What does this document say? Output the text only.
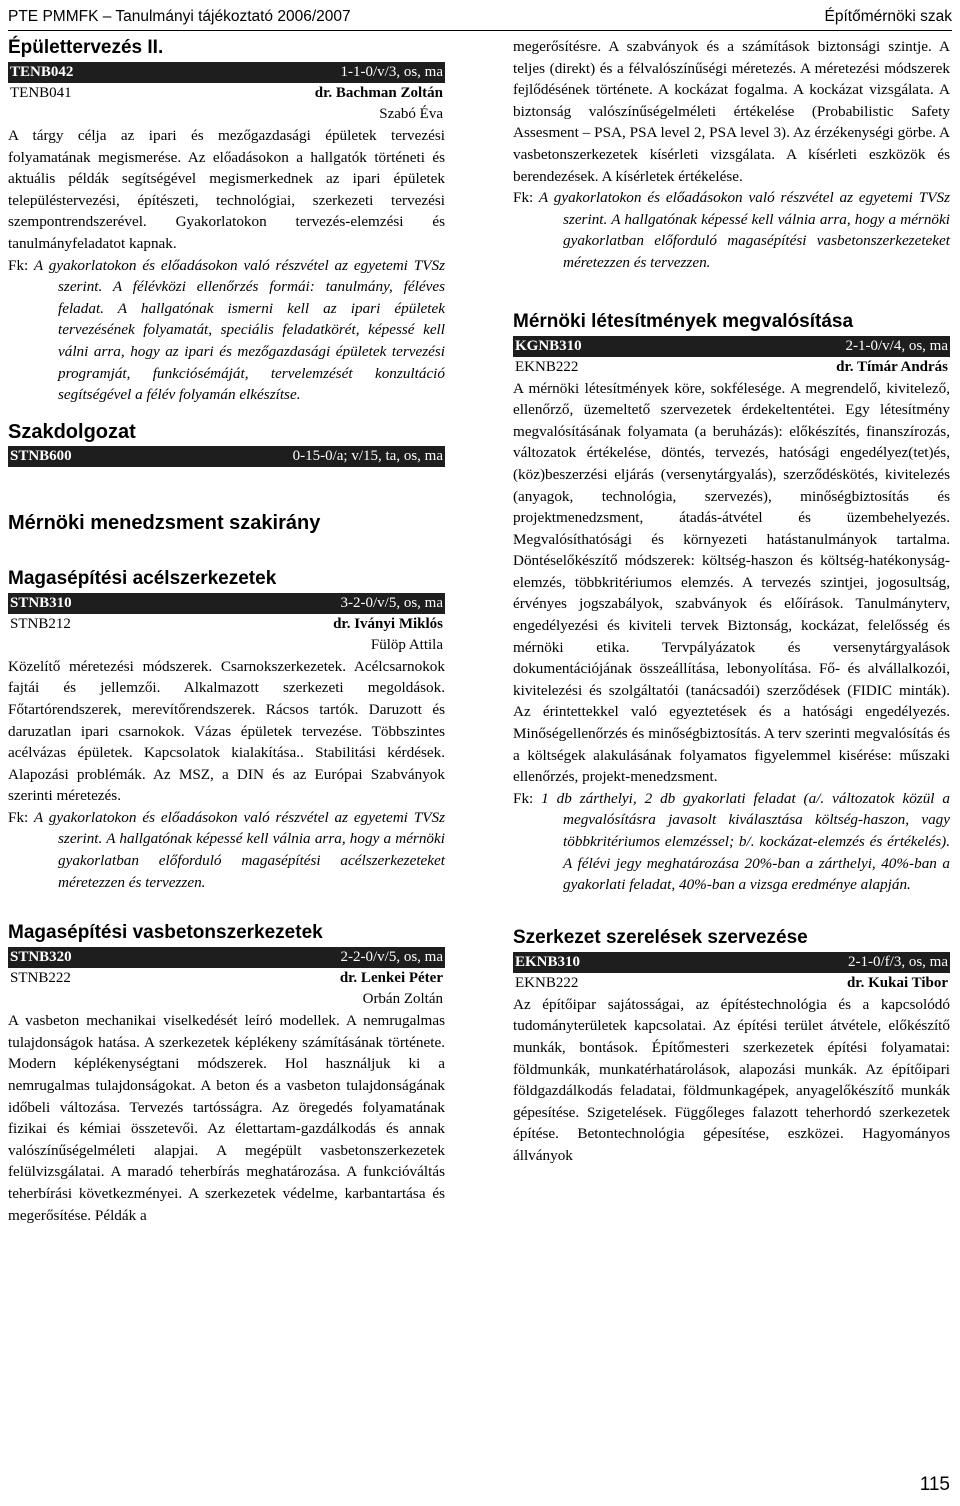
PTE PMMFK – Tanulmányi tájékoztató 2006/2007	Építőmérnöki szak
Épülettervezés II.
TENB042	1-1-0/v/3, os, ma
TENB041	dr. Bachman Zoltán
Szabó Éva

A tárgy célja az ipari és mezőgazdasági épületek tervezési folyamatának megismerése. Az előadásokon a hallgatók történeti és aktuális példák segítségével megismerkednek az ipari épületek településtervezési, építészeti, technológiai, szerkezeti tervezési szempontrendszerével. Gyakorlatokon tervezés-elemzési és tanulmányfeladatot kapnak.

Fk: A gyakorlatokon és előadásokon való részvétel az egyetemi TVSz szerint. A félévközi ellenőrzés formái: tanulmány, féléves feladat. A hallgatónak ismerni kell az ipari épületek tervezésének folyamatát, speciális feladatkörét, képessé kell válni arra, hogy az ipari és mezőgazdasági épületek tervezési programját, funkciósémáját, tervelemzését konzultáció segítségével a félév folyamán elkészítse.

Szakdolgozat
STNB600	0-15-0/a; v/15, ta, os, ma
Mérnöki menedzsment szakirány
Magasépítési acélszerkezetek
STNB310	3-2-0/v/5, os, ma
STNB212	dr. Iványi Miklós
Fülöp Attila

Közelítő méretezési módszerek. Csarnokszerkezetek. Acélcsarnokok fajtái és jellemzői. Alkalmazott szerkezeti megoldások. Főtartórendszerek, merevítőrendszerek. Rácsos tartók. Daruzott és daruzatlan ipari csarnokok. Vázas épületek tervezése. Többszintes acélvázas épületek. Kapcsolatok kialakítása.. Stabilitási kérdések. Alapozási problémák. Az MSZ, a DIN és az Európai Szabványok szerinti méretezés.

Fk: A gyakorlatokon és előadásokon való részvétel az egyetemi TVSz szerint. A hallgatónak képessé kell válnia arra, hogy a mérnöki gyakorlatban előforduló magasépítési acélszerkezeteket méretezzen és tervezzen.

Magasépítési vasbetonszerkezetek
STNB320	2-2-0/v/5, os, ma
STNB222	dr. Lenkei Péter
Orbán Zoltán

A vasbeton mechanikai viselkedését leíró modellek. A nemrugalmas tulajdonságok hatása. A szerkezetek képlékeny számításának története. Modern képlékenységtani módszerek. Hol használjuk ki a nemrugalmas tulajdonságokat. A beton és a vasbeton tulajdonságának időbeli változása. Tervezés tartósságra. Az öregedés folyamatának fizikai és kémiai összetevői. Az élettartam-gazdálkodás és annak valószínűségelméleti alapjai. A megépült vasbetonszerkezetek felülvizsgálatai. A maradó teherbírás meghatározása. A funkcióváltás teherbírási következményei. A szerkezetek védelme, karbantartása és megerősítése. Példák a

megerősítésre. A szabványok és a számítások biztonsági szintje. A teljes (direkt) és a félvalószínűségi méretezés. A méretezési módszerek fejlődésének története. A kockázat fogalma. A kockázat vizsgálata. A biztonság valószínűségelméleti értékelése (Probabilistic Safety Assesment – PSA, PSA level 2, PSA level 3). Az érzékenységi görbe. A vasbetonszerkezetek kísérleti vizsgálata. A kísérleti eszközök és berendezések. A kísérletek értékelése.

Fk: A gyakorlatokon és előadásokon való részvétel az egyetemi TVSz szerint. A hallgatónak képessé kell válnia arra, hogy a mérnöki gyakorlatban előforduló magasépítési vasbetonszerkezeteket méretezzen és tervezzen.

Mérnöki létesítmények megvalósítása
KGNB310	2-1-0/v/4, os, ma
EKNB222	dr. Tímár András

A mérnöki létesítmények köre, sokfélesége. A megrendelő, kivitelező, ellenőrző, üzemeltető szervezetek érdekeltentétei. Egy létesítmény megvalósításának folyamata (a beruházás): előkészítés, finanszírozás, változatok értékelése, döntés, tervezés, hatósági engedélyez(tet)és, (köz)beszerzési eljárás (versenytárgyalás), szerződéskötés, kivitelezés (anyagok, technológia, szervezés), minőségbiztosítás és projektmenedzsment, átadás-átvétel és üzembehelyezés. Megvalósíthatósági és környezeti hatástanulmányok tartalma. Döntéselőkészítő módszerek: költség-haszon és költség-hatékonyság-elemzés, többkritériumos elemzés. A tervezés szintjei, jogosultság, érvényes jogszabályok, szabványok és előírások. Tanulmányterv, engedélyezési és kiviteli tervek Biztonság, kockázat, felelősség és mérnöki etika. Tervpályázatok és versenytárgyalások dokumentációjának összeállítása, lebonyolítása. Fő- és alvállalkozói, kivitelezési és szolgáltatói (tanácsadói) szerződések (FIDIC minták). Az érintettekkel való egyeztetések és a hatósági engedélyezés. Minőségellenőrzés és minőségbiztosítás. A terv szerinti megvalósítás és a költségek alakulásának folyamatos figyelemmel kisérése: műszaki ellenőrzés, projekt-menedzsment.

Fk: 1 db zárthelyi, 2 db gyakorlati feladat (a/. változatok közül a megvalósításra javasolt kiválasztása költség-haszon, vagy többkritériumos elemzéssel; b/. kockázat-elemzés és értékelés). A félévi jegy meghatározása 20%-ban a zárthelyi, 40%-ban a gyakorlati feladat, 40%-ban a vizsga eredménye alapján.

Szerkezet szerelések szervezése
EKNB310	2-1-0/f/3, os, ma
EKNB222	dr. Kukai Tibor

Az építőipar sajátosságai, az építéstechnológia és a kapcsolódó tudományterületek kapcsolatai. Az építési terület átvétele, előkészítő munkák, bontások. Építőmesteri szerkezetek építési folyamatai: földmunkák, munkatérhatárolások, alapozási munkák. Az építőipari földgazdálkodás feladatai, földmunkagépek, anyagelőkészítő munkák gépesítése. Szigetelések. Függőleges falazott teherhordó szerkezetek építése. Betontechnológia gépesítése, eszközei. Hagyományos állványok

115
